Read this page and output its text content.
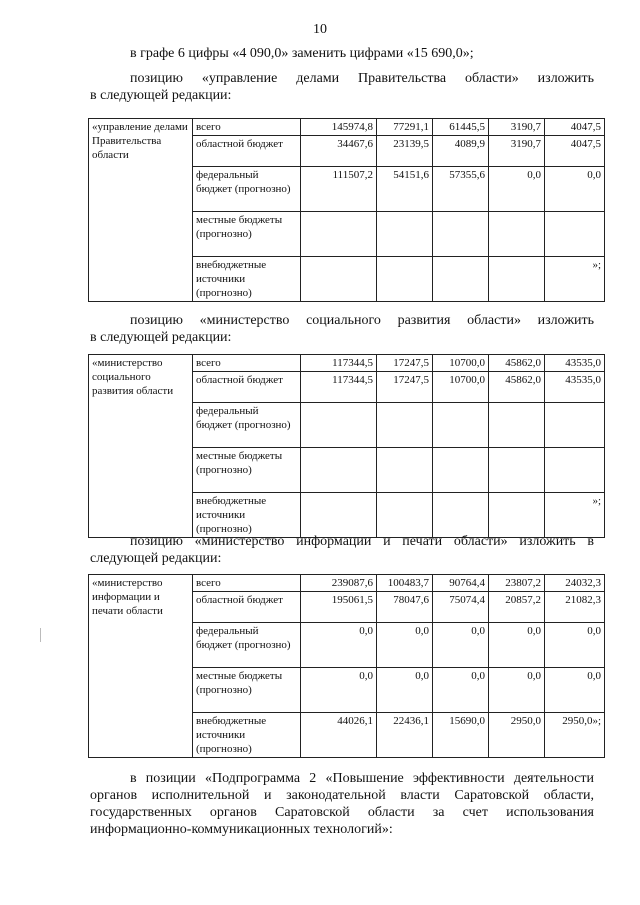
10
в графе 6 цифры «4 090,0» заменить цифрами «15 690,0»;
позицию «управление делами Правительства области» изложить
в следующей редакции:
«управление делами Правительства области	всего	145974,8	77291,1	61445,5	3190,7	4047,5
	областной бюджет	34467,6	23139,5	4089,9	3190,7	4047,5
	федеральный бюджет (прогнозно)	111507,2	54151,6	57355,6	0,0	0,0
	местные бюджеты (прогнозно)					
	внебюджетные источники (прогнозно)					»;
позицию «министерство социального развития области» изложить
в следующей редакции:
«министерство социального развития области	всего	117344,5	17247,5	10700,0	45862,0	43535,0
	областной бюджет	117344,5	17247,5	10700,0	45862,0	43535,0
	федеральный бюджет (прогнозно)					
	местные бюджеты (прогнозно)					
	внебюджетные источники (прогнозно)					»;
позицию «министерство информации и печати области» изложить в
следующей редакции:
«министерство информации и печати области	всего	239087,6	100483,7	90764,4	23807,2	24032,3
	областной бюджет	195061,5	78047,6	75074,4	20857,2	21082,3
	федеральный бюджет (прогнозно)	0,0	0,0	0,0	0,0	0,0
	местные бюджеты (прогнозно)	0,0	0,0	0,0	0,0	0,0
	внебюджетные источники (прогнозно)	44026,1	22436,1	15690,0	2950,0	2950,0»;
в позиции «Подпрограмма 2 «Повышение эффективности деятельности
органов исполнительной и законодательной власти Саратовской области,
государственных органов Саратовской области за счет использования
информационно-коммуникационных технологий»:
